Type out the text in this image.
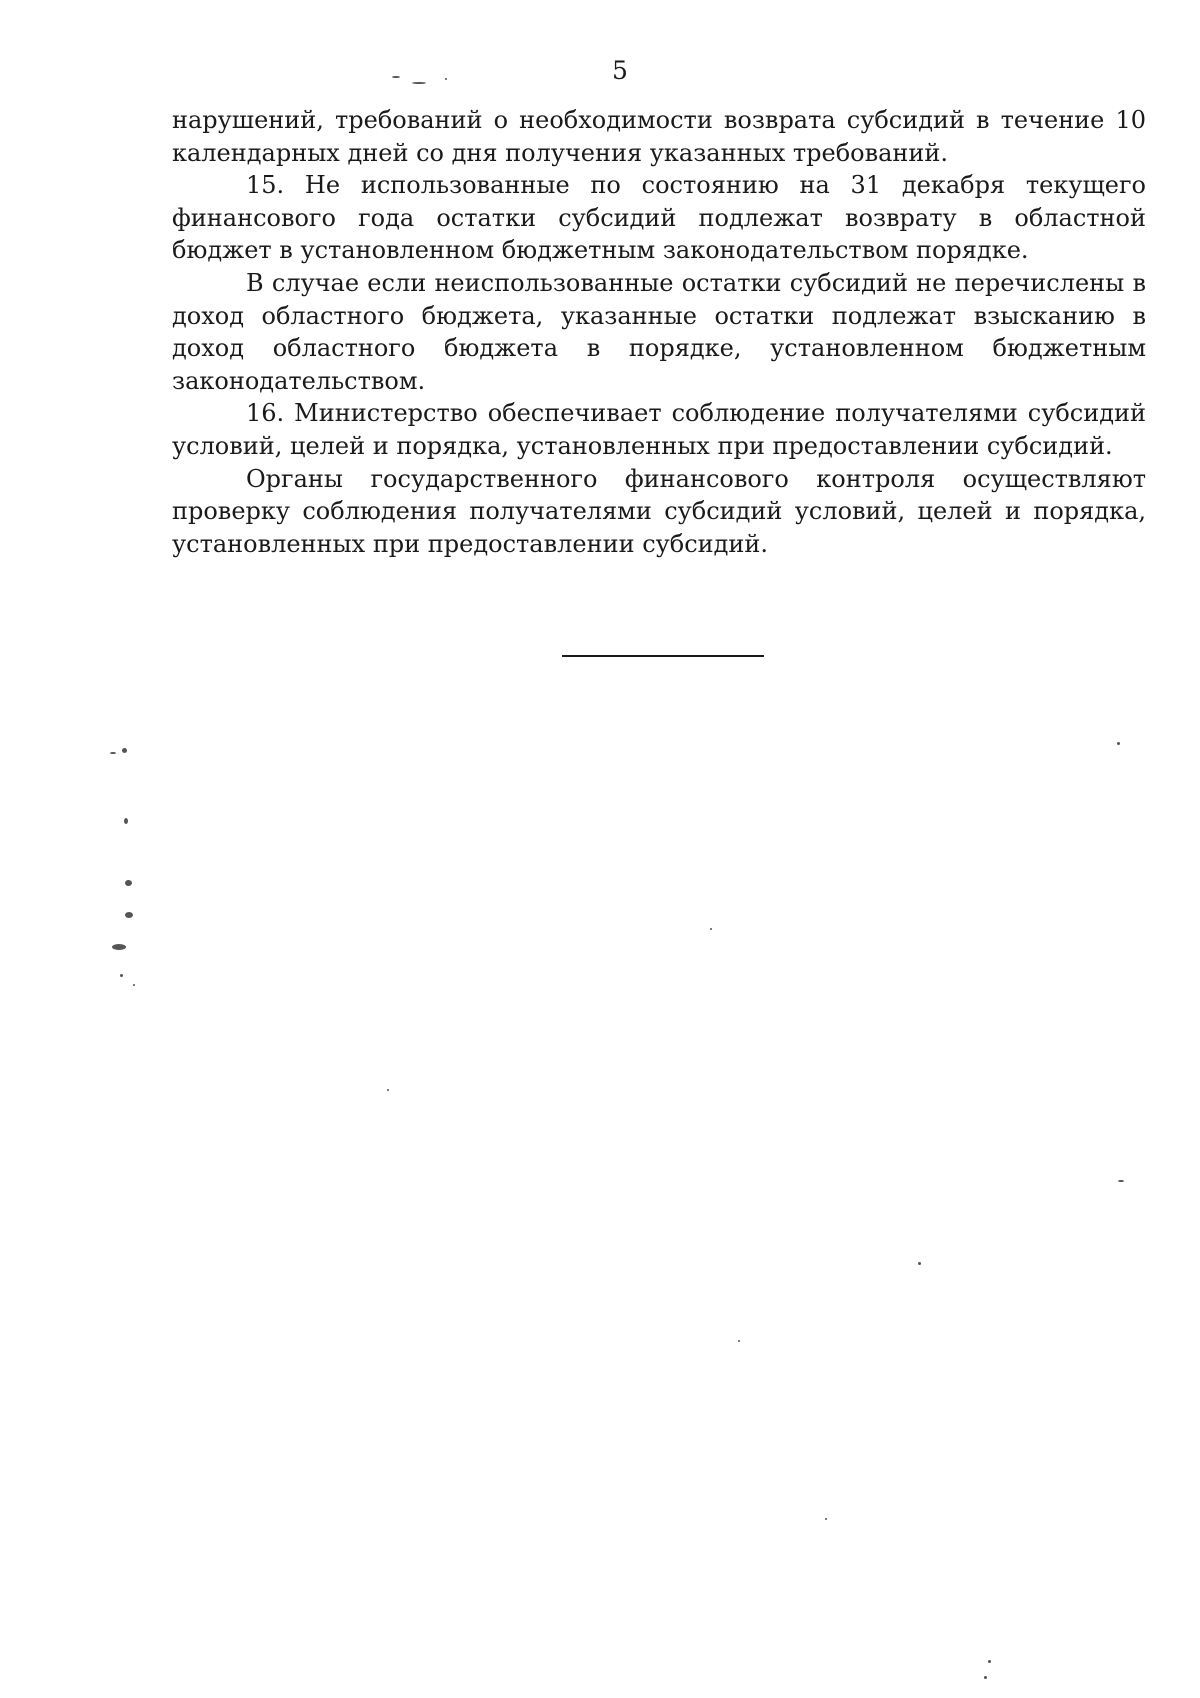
5

нарушений, требований о необходимости возврата субсидий в течение 10 календарных дней со дня получения указанных требований.

15. Не использованные по состоянию на 31 декабря текущего финансового года остатки субсидий подлежат возврату в областной бюджет в установленном бюджетным законодательством порядке.

В случае если неиспользованные остатки субсидий не перечислены в доход областного бюджета, указанные остатки подлежат взысканию в доход областного бюджета в порядке, установленном бюджетным законодательством.

16. Министерство обеспечивает соблюдение получателями субсидий условий, целей и порядка, установленных при предоставлении субсидий.

Органы государственного финансового контроля осуществляют проверку соблюдения получателями субсидий условий, целей и порядка, установленных при предоставлении субсидий.
